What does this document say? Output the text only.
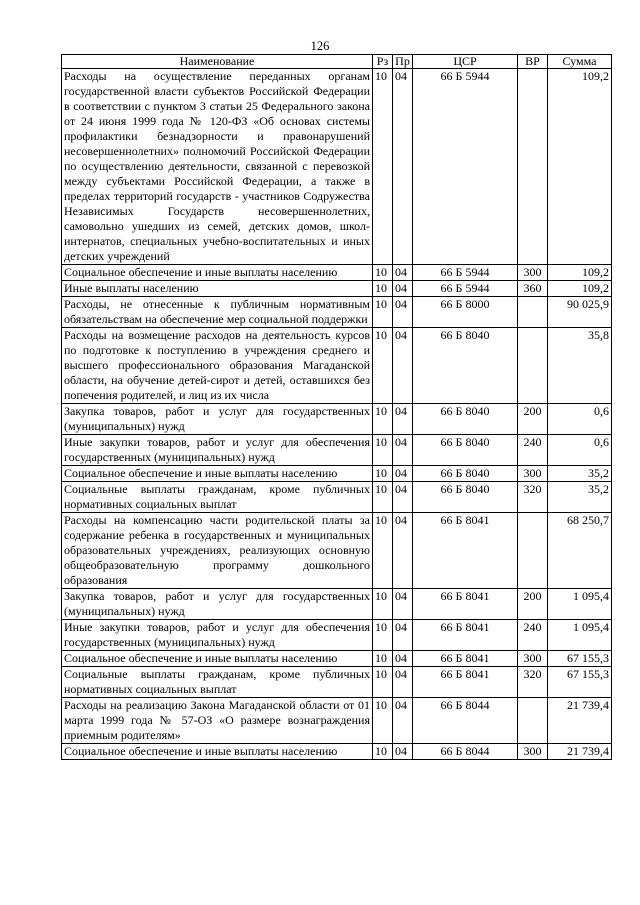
126
Наименование	Рз	Пр	ЦСР	ВР	Сумма
Расходы на осуществление переданных органам государственной власти субъектов Российской Федерации в соответствии с пунктом 3 статьи 25 Федерального закона от 24 июня 1999 года № 120-ФЗ «Об основах системы профилактики безнадзорности и правонарушений несовершеннолетних» полномочий Российской Федерации по осуществлению деятельности, связанной с перевозкой между субъектами Российской Федерации, а также в пределах территорий государств - участников Содружества Независимых Государств несовершеннолетних, самовольно ушедших из семей, детских домов, школ-интернатов, специальных учебно-воспитательных и иных детских учреждений	10	04	66 Б 5944		109,2
Социальное обеспечение и иные выплаты населению	10	04	66 Б 5944	300	109,2
Иные выплаты населению	10	04	66 Б 5944	360	109,2
Расходы, не отнесенные к публичным нормативным обязательствам на обеспечение мер социальной поддержки	10	04	66 Б 8000		90 025,9
Расходы на возмещение расходов на деятельность курсов по подготовке к поступлению в учреждения среднего и высшего профессионального образования Магаданской области, на обучение детей-сирот и детей, оставшихся без попечения родителей, и лиц из их числа	10	04	66 Б 8040		35,8
Закупка товаров, работ и услуг для государственных (муниципальных) нужд	10	04	66 Б 8040	200	0,6
Иные закупки товаров, работ и услуг для обеспечения государственных (муниципальных) нужд	10	04	66 Б 8040	240	0,6
Социальное обеспечение и иные выплаты населению	10	04	66 Б 8040	300	35,2
Социальные выплаты гражданам, кроме публичных нормативных социальных выплат	10	04	66 Б 8040	320	35,2
Расходы на компенсацию части родительской платы за содержание ребенка в государственных и муниципальных образовательных учреждениях, реализующих основную общеобразовательную программу дошкольного образования	10	04	66 Б 8041		68 250,7
Закупка товаров, работ и услуг для государственных (муниципальных) нужд	10	04	66 Б 8041	200	1 095,4
Иные закупки товаров, работ и услуг для обеспечения государственных (муниципальных) нужд	10	04	66 Б 8041	240	1 095,4
Социальное обеспечение и иные выплаты населению	10	04	66 Б 8041	300	67 155,3
Социальные выплаты гражданам, кроме публичных нормативных социальных выплат	10	04	66 Б 8041	320	67 155,3
Расходы на реализацию Закона Магаданской области от 01 марта 1999 года № 57-ОЗ «О размере вознаграждения приемным родителям»	10	04	66 Б 8044		21 739,4
Социальное обеспечение и иные выплаты населению	10	04	66 Б 8044	300	21 739,4
